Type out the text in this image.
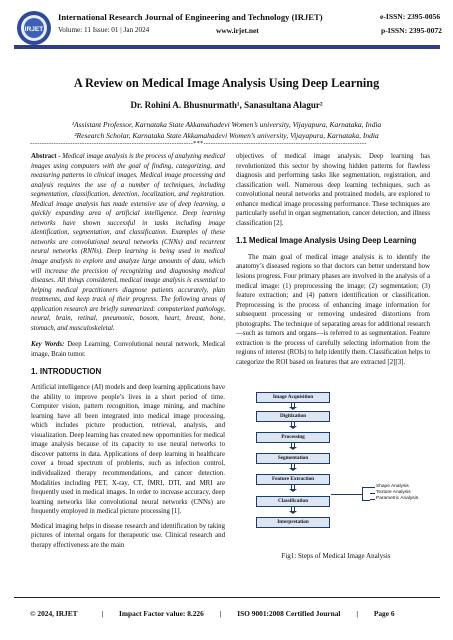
IRJET
International Research Journal of Engineering and Technology (IRJET)	e-ISSN: 2395-0056
Volume: 11 Issue: 01 | Jan 2024	www.irjet.net	p-ISSN: 2395-0072
A Review on Medical Image Analysis Using Deep Learning
Dr. Rohini A. Bhusnurmath¹, Sanasultana Alagur²
¹Assistant Professor, Karnataka State Akkamahadevi Women’s university, Vijayapura, Karnataka, India
²Research Scholar, Karnataka State Akkamahadevi Women’s university, Vijayapura, Karnataka, India
---------------------------------------------------------------------***---------------------------------------------------------------------

Abstract - Medical image analysis is the process of analyzing medical images using computers with the goal of finding, categorizing, and measuring patterns in clinical images. Medical image processing and analysis requires the use of a number of techniques, including segmentation, classification, detection, localization, and registration. Medical image analysis has made extensive use of deep learning, a quickly expanding area of artificial intelligence. Deep learning networks have shown successful in tasks including image identification, segmentation, and classification. Examples of these networks are convolutional neural networks (CNNs) and recurrent neural networks (RNNs). Deep learning is being used in medical image analysis to explore and analyze large amounts of data, which will increase the precision of recognizing and diagnosing medical diseases. All things considered, medical image analysis is essential to helping medical practitioners diagnose patients accurately, plan treatments, and keep track of their progress. The following areas of application research are briefly summarized: computerized pathology, neural, brain, retinal, pneumonic, bosom, heart, breast, bone, stomach, and musculoskeletal.

Key Words: Deep Learning, Convolutional neural network, Medical image, Brain tumor.

1. INTRODUCTION

Artificial intelligence (AI) models and deep learning applications have the ability to improve people’s lives in a short period of time. Computer vision, pattern recognition, image mining, and machine learning have all been integrated into medical image processing, which includes picture production, retrieval, analysis, and visualization. Deep learning has created new opportunities for medical image analysis because of its capacity to use neural networks to discover patterns in data. Applications of deep learning in healthcare cover a broad spectrum of problems, such as infection control, individualized therapy recommendations, and cancer detection. Modalities including PET, X-ray, CT, fMRI, DTI, and MRI are frequently used in medical images. In order to increase accuracy, deep learning networks like convolutional neural networks (CNNs) are frequently employed in medical picture processing [1].

Medical imaging helps in disease research and identification by taking pictures of internal organs for therapeutic use. Clinical research and therapy effectiveness are the main

objectives of medical image analysis. Deep learning has revolutionized this sector by showing hidden patterns for flawless diagnosis and performing tasks like segmentation, registration, and classification well. Numerous deep learning techniques, such as convolutional neural networks and pretrained models, are explored to enhance medical image processing performance. These techniques are particularly useful in organ segmentation, cancer detection, and illness classification [2].

1.1 Medical Image Analysis Using Deep Learning

The main goal of medical image analysis is to identify the anatomy’s diseased regions so that doctors can better understand how lesions progress. Four primary phases are involved in the analysis of a medical image: (1) preprocessing the image; (2) segmentation; (3) feature extraction; and (4) pattern identification or classification. Preprocessing is the process of enhancing image information for subsequent processing or removing undesired distortions from photographs. The technique of separating areas for additional research—such as tumors and organs—is referred to as segmentation. Feature extraction is the process of carefully selecting information from the regions of interest (ROIs) to help identify them. Classification helps to categorize the ROI based on features that are extracted [2][3].

Image Acquisition
Digitization
Processing
Segmentation
Feature Extraction
Classification
Interpretation
Shape Analysis
Texture Analysis
Parametric Analysis
Fig1: Steps of Medical Image Analysis
© 2024, IRJET	| Impact Factor value: 8.226 | ISO 9001:2008 Certified Journal | Page 6
